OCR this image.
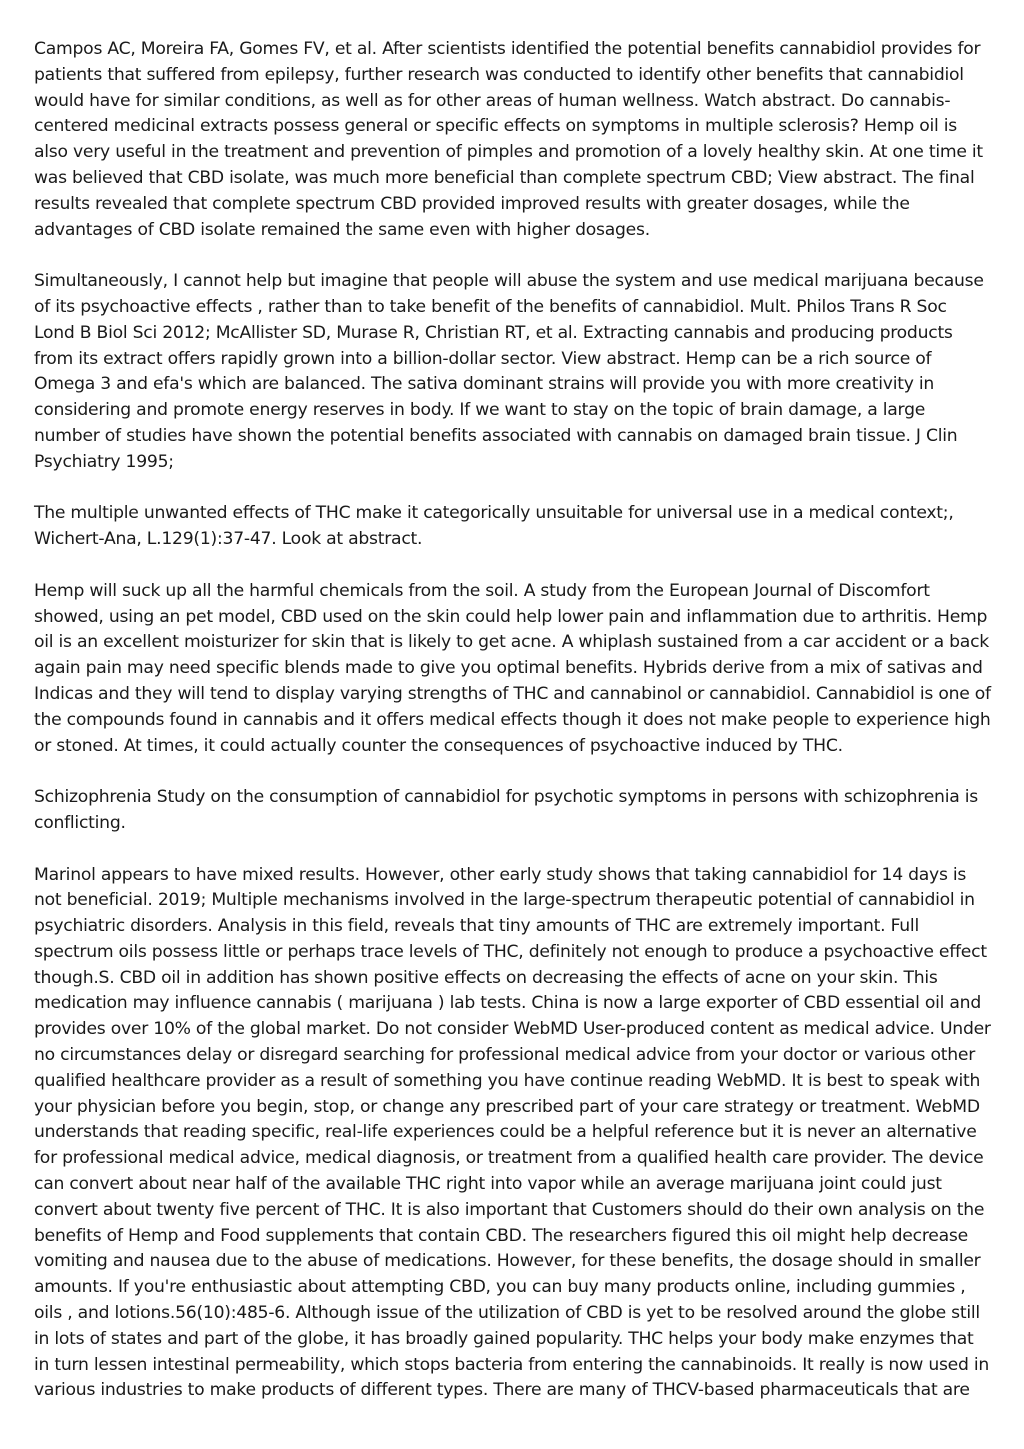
Campos AC, Moreira FA, Gomes FV, et al. After scientists identified the potential benefits cannabidiol provides for patients that suffered from epilepsy, further research was conducted to identify other benefits that cannabidiol would have for similar conditions, as well as for other areas of human wellness. Watch abstract. Do cannabis-centered medicinal extracts possess general or specific effects on symptoms in multiple sclerosis? Hemp oil is also very useful in the treatment and prevention of pimples and promotion of a lovely healthy skin. At one time it was believed that CBD isolate, was much more beneficial than complete spectrum CBD; View abstract. The final results revealed that complete spectrum CBD provided improved results with greater dosages, while the advantages of CBD isolate remained the same even with higher dosages.

Simultaneously, I cannot help but imagine that people will abuse the system and use medical marijuana because of its psychoactive effects , rather than to take benefit of the benefits of cannabidiol. Mult. Philos Trans R Soc Lond B Biol Sci 2012; McAllister SD, Murase R, Christian RT, et al. Extracting cannabis and producing products from its extract offers rapidly grown into a billion-dollar sector. View abstract. Hemp can be a rich source of Omega 3 and efa's which are balanced. The sativa dominant strains will provide you with more creativity in considering and promote energy reserves in body. If we want to stay on the topic of brain damage, a large number of studies have shown the potential benefits associated with cannabis on damaged brain tissue. J Clin Psychiatry 1995;

The multiple unwanted effects of THC make it categorically unsuitable for universal use in a medical context;, Wichert-Ana, L.129(1):37-47. Look at abstract.

Hemp will suck up all the harmful chemicals from the soil. A study from the European Journal of Discomfort showed, using an pet model, CBD used on the skin could help lower pain and inflammation due to arthritis. Hemp oil is an excellent moisturizer for skin that is likely to get acne. A whiplash sustained from a car accident or a back again pain may need specific blends made to give you optimal benefits. Hybrids derive from a mix of sativas and Indicas and they will tend to display varying strengths of THC and cannabinol or cannabidiol. Cannabidiol is one of the compounds found in cannabis and it offers medical effects though it does not make people to experience high or stoned. At times, it could actually counter the consequences of psychoactive induced by THC.

Schizophrenia Study on the consumption of cannabidiol for psychotic symptoms in persons with schizophrenia is conflicting.

Marinol appears to have mixed results. However, other early study shows that taking cannabidiol for 14 days is not beneficial. 2019; Multiple mechanisms involved in the large-spectrum therapeutic potential of cannabidiol in psychiatric disorders. Analysis in this field, reveals that tiny amounts of THC are extremely important. Full spectrum oils possess little or perhaps trace levels of THC, definitely not enough to produce a psychoactive effect though.S. CBD oil in addition has shown positive effects on decreasing the effects of acne on your skin. This medication may influence cannabis ( marijuana ) lab tests. China is now a large exporter of CBD essential oil and provides over 10% of the global market. Do not consider WebMD User-produced content as medical advice. Under no circumstances delay or disregard searching for professional medical advice from your doctor or various other qualified healthcare provider as a result of something you have continue reading WebMD. It is best to speak with your physician before you begin, stop, or change any prescribed part of your care strategy or treatment. WebMD understands that reading specific, real-life experiences could be a helpful reference but it is never an alternative for professional medical advice, medical diagnosis, or treatment from a qualified health care provider. The device can convert about near half of the available THC right into vapor while an average marijuana joint could just convert about twenty five percent of THC. It is also important that Customers should do their own analysis on the benefits of Hemp and Food supplements that contain CBD. The researchers figured this oil might help decrease vomiting and nausea due to the abuse of medications. However, for these benefits, the dosage should in smaller amounts. If you're enthusiastic about attempting CBD, you can buy many products online, including gummies , oils , and lotions.56(10):485-6. Although issue of the utilization of CBD is yet to be resolved around the globe still in lots of states and part of the globe, it has broadly gained popularity. THC helps your body make enzymes that in turn lessen intestinal permeability, which stops bacteria from entering the cannabinoids. It really is now used in various industries to make products of different types. There are many of THCV-based pharmaceuticals that are
